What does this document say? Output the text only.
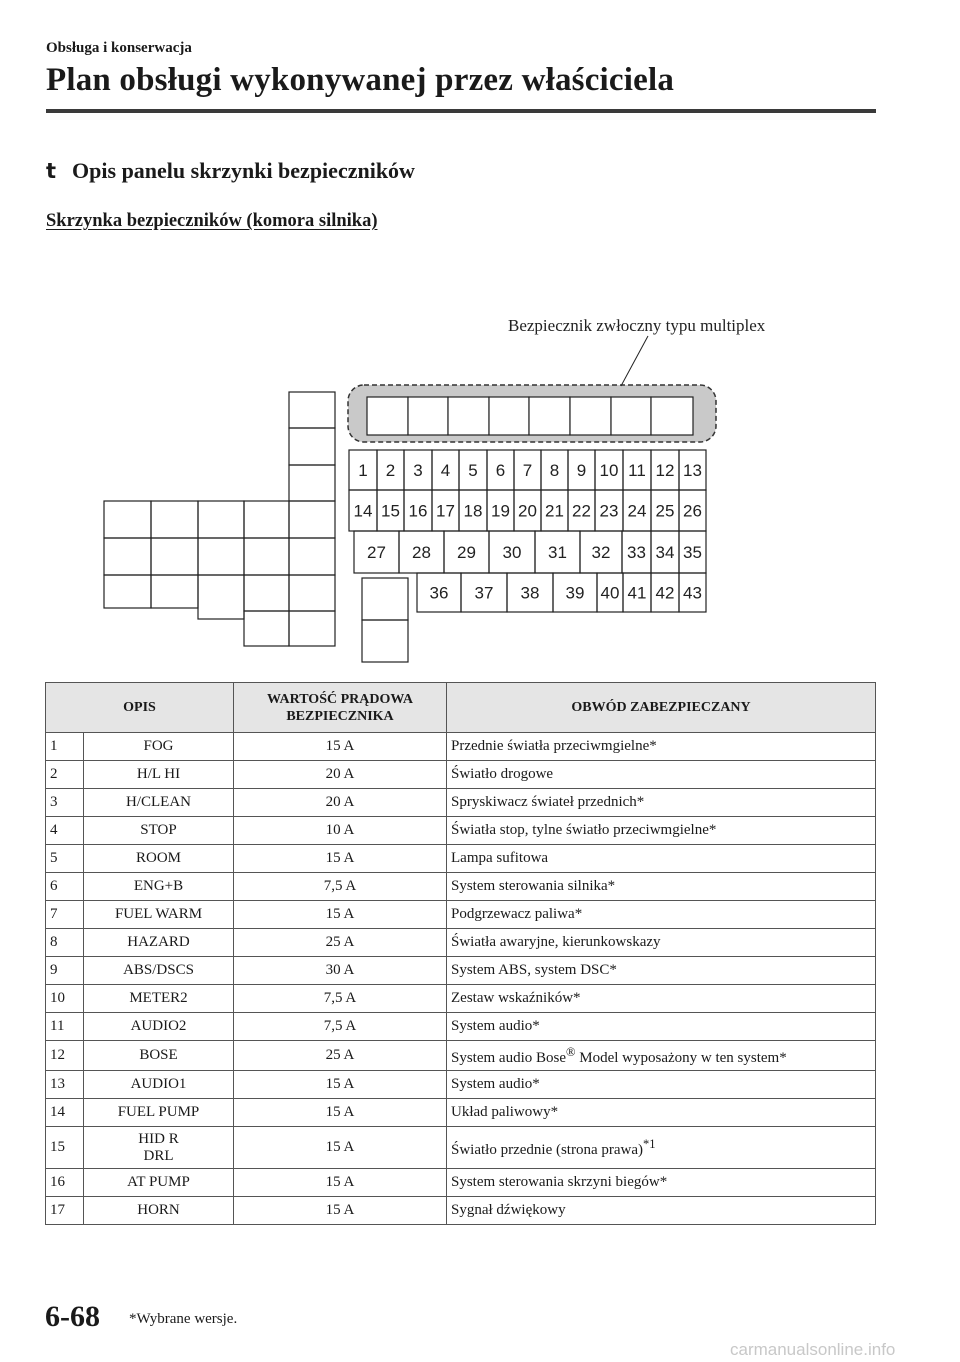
Obsługa i konserwacja
Plan obsługi wykonywanej przez właściciela
t Opis panelu skrzynki bezpieczników
Skrzynka bezpieczników (komora silnika)
Bezpiecznik zwłoczny typu multiplex
1 2 3 4 5 6 7 8 9 10 11 12 13
14 15 16 17 18 19 20 21 22 23 24 25 26
27 28 29 30 31 32 33 34 35
36 37 38 39 40 41 42 43
OPIS		WARTOŚĆ PRĄDOWA BEZPIECZNIKA	OBWÓD ZABEZPIECZANY
1	FOG	15 A	Przednie światła przeciwmgielne*
2	H/L HI	20 A	Światło drogowe
3	H/CLEAN	20 A	Spryskiwacz świateł przednich*
4	STOP	10 A	Światła stop, tylne światło przeciwmgielne*
5	ROOM	15 A	Lampa sufitowa
6	ENG+B	7,5 A	System sterowania silnika*
7	FUEL WARM	15 A	Podgrzewacz paliwa*
8	HAZARD	25 A	Światła awaryjne, kierunkowskazy
9	ABS/DSCS	30 A	System ABS, system DSC*
10	METER2	7,5 A	Zestaw wskaźników*
11	AUDIO2	7,5 A	System audio*
12	BOSE	25 A	System audio Bose® Model wyposażony w ten system*
13	AUDIO1	15 A	System audio*
14	FUEL PUMP	15 A	Układ paliwowy*
15	HID R
DRL	15 A	Światło przednie (strona prawa)$^{*1}$
16	AT PUMP	15 A	System sterowania skrzyni biegów*
17	HORN	15 A	Sygnał dźwiękowy
6-68 *Wybrane wersje.
carmanualsonline.info
